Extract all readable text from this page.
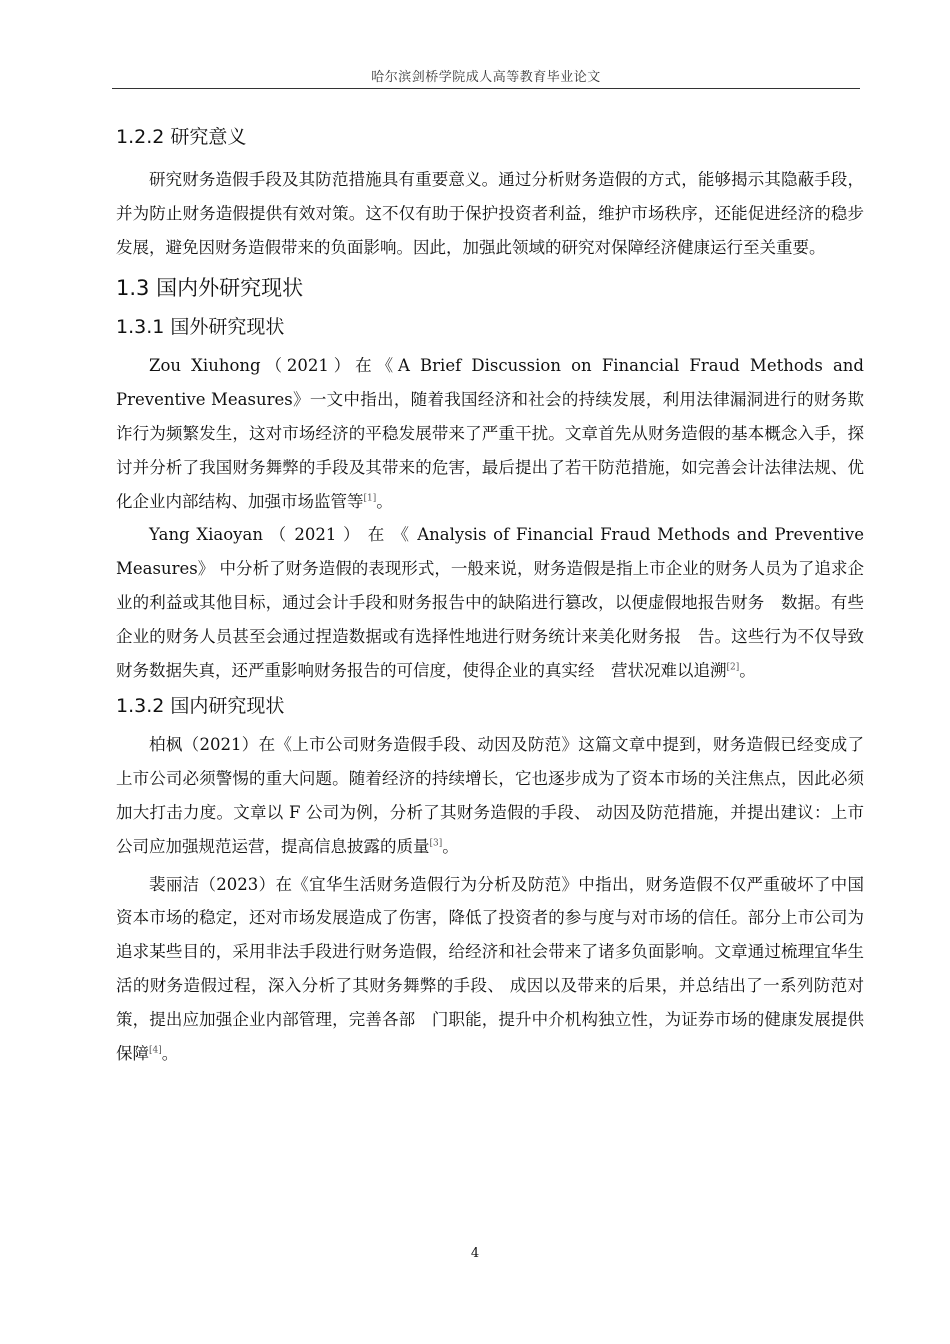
哈尔滨剑桥学院成人高等教育毕业论文
1.2.2 研究意义

研究财务造假手段及其防范措施具有重要意义。通过分析财务造假的方式，能够揭示其隐蔽手段，并为防止财务造假提供有效对策。这不仅有助于保护投资者利益，维护市场秩序，还能促进经济的稳步发展，避免因财务造假带来的负面影响。因此，加强此领域的研究对保障经济健康运行至关重要。

1.3 国内外研究现状
1.3.1 国外研究现状

Zou Xiuhong（2021）在《A Brief Discussion on Financial Fraud Methods and Preventive Measures》一文中指出，随着我国经济和社会的持续发展，利用法律漏洞进行的财务欺诈行为频繁发生，这对市场经济的平稳发展带来了严重干扰。文章首先从财务造假的基本概念入手，探讨并分析了我国财务舞弊的手段及其带来的危害，最后提出了若干防范措施，如完善会计法律法规、优化企业内部结构、加强市场监管等[1]。

Yang Xiaoyan （ 2021 ） 在 《 Analysis of Financial Fraud Methods and Preventive Measures》 中分析了财务造假的表现形式，一般来说，财务造假是指上市企业的财务人员为了追求企　业的利益或其他目标，通过会计手段和财务报告中的缺陷进行篡改，以便虚假地报告财务　数据。有些企业的财务人员甚至会通过捏造数据或有选择性地进行财务统计来美化财务报　告。这些行为不仅导致财务数据失真，还严重影响财务报告的可信度，使得企业的真实经　营状况难以追溯[2]。

1.3.2 国内研究现状

柏枫（2021）在《上市公司财务造假手段、动因及防范》这篇文章中提到，财务造假已经变成了上市公司必须警惕的重大问题。随着经济的持续增长，它也逐步成为了资本市场的关注焦点，因此必须加大打击力度。文章以 F 公司为例，分析了其财务造假的手段、 动因及防范措施，并提出建议：上市公司应加强规范运营，提高信息披露的质量[3]。

裴丽洁（2023）在《宜华生活财务造假行为分析及防范》中指出，财务造假不仅严重破坏了中国资本市场的稳定，还对市场发展造成了伤害，降低了投资者的参与度与对市场的信任。部分上市公司为追求某些目的，采用非法手段进行财务造假，给经济和社会带来了诸多负面影响。文章通过梳理宜华生活的财务造假过程，深入分析了其财务舞弊的手段、 成因以及带来的后果，并总结出了一系列防范对策，提出应加强企业内部管理，完善各部　门职能，提升中介机构独立性，为证券市场的健康发展提供保障[4]。

4
